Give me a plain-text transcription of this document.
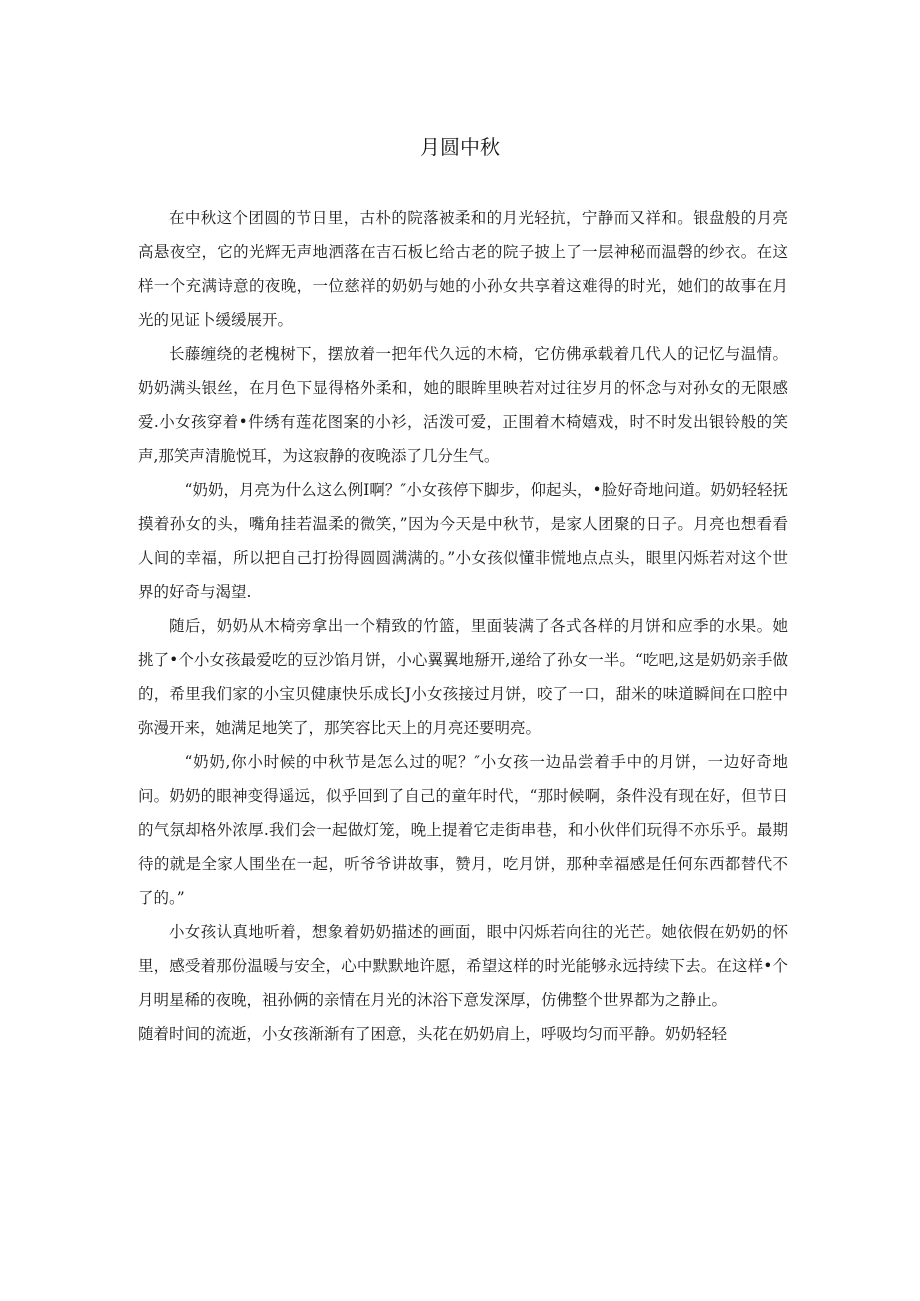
月圆中秋

在中秋这个团圆的节日里，古朴的院落被柔和的月光轻抗，宁静而又祥和。银盘般的月亮高悬夜空，它的光辉无声地洒落在吉石板匕给古老的院子披上了一层神秘而温磬的纱衣。在这样一个充满诗意的夜晚，一位慈祥的奶奶与她的小孙女共享着这难得的时光，她们的故事在月光的见证卜缓缓展开。

长藤缠绕的老槐树下，摆放着一把年代久远的木椅，它仿佛承载着几代人的记忆与温情。奶奶满头银丝，在月色下显得格外柔和，她的眼眸里映若对过往岁月的怀念与对孙女的无限感爱.小女孩穿着•件绣有莲花图案的小衫，活泼可爱，正围着木椅嬉戏，时不时发出银铃般的笑声,那笑声清脆悦耳，为这寂静的夜晚添了几分生气。

“奶奶，月亮为什么这么例I啊？″小女孩停下脚步，仰起头，•脸好奇地问道。奶奶轻轻抚摸着孙女的头，嘴角挂若温柔的微笑，”因为今天是中秋节，是家人团聚的日子。月亮也想看看人间的幸福，所以把自己打扮得圆圆满满的。”小女孩似懂非慌地点点头，眼里闪烁若对这个世界的好奇与渴望.

随后，奶奶从木椅旁拿出一个精致的竹篮，里面装满了各式各样的月饼和应季的水果。她挑了•个小女孩最爱吃的豆沙馅月饼，小心翼翼地掰开,递给了孙女一半。“吃吧,这是奶奶亲手做的，希里我们家的小宝贝健康快乐成长J小女孩接过月饼，咬了一口，甜米的味道瞬间在口腔中弥漫开来，她满足地笑了，那笑容比天上的月亮还要明亮。

“奶奶,你小时候的中秋节是怎么过的呢？″小女孩一边品尝着手中的月饼，一边好奇地问。奶奶的眼神变得遥远，似乎回到了自己的童年时代，“那时候啊，条件没有现在好，但节日的气氛却格外浓厚.我们会一起做灯笼，晚上提着它走街串巷，和小伙伴们玩得不亦乐乎。最期待的就是全家人围坐在一起，听爷爷讲故事，赞月，吃月饼，那种幸福感是任何东西都替代不了的。”

小女孩认真地听着，想象着奶奶描述的画面，眼中闪烁若向往的光芒。她依假在奶奶的怀里，感受着那份温暖与安全，心中默默地许愿，希望这样的时光能够永远持续下去。在这样•个月明星稀的夜晚，祖孙俩的亲情在月光的沐浴下意发深厚，仿佛整个世界都为之静止。

随着时间的流逝，小女孩渐渐有了困意，头花在奶奶肩上，呼吸均匀而平静。奶奶轻轻
